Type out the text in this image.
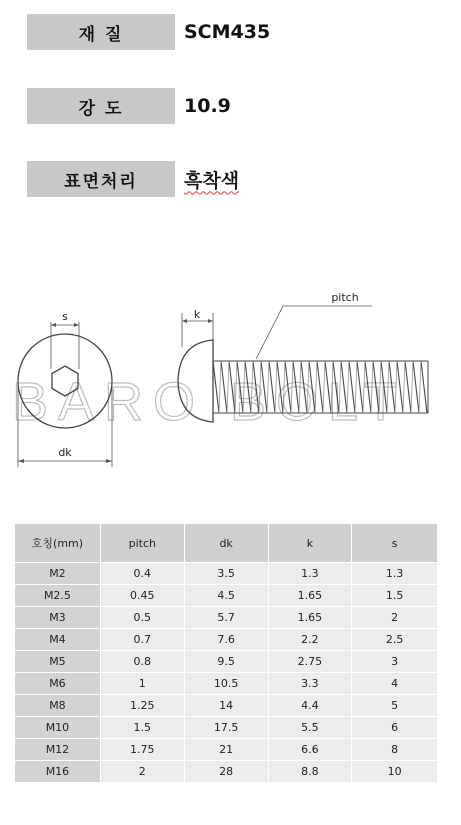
재 질	SCM435
강 도	10.9
표면처리	흑착색
BARO BOLT
s
dk
k
pitch
호칭(mm)	pitch	dk	k	s
M2	0.4	3.5	1.3	1.3
M2.5	0.45	4.5	1.65	1.5
M3	0.5	5.7	1.65	2
M4	0.7	7.6	2.2	2.5
M5	0.8	9.5	2.75	3
M6	1	10.5	3.3	4
M8	1.25	14	4.4	5
M10	1.5	17.5	5.5	6
M12	1.75	21	6.6	8
M16	2	28	8.8	10
